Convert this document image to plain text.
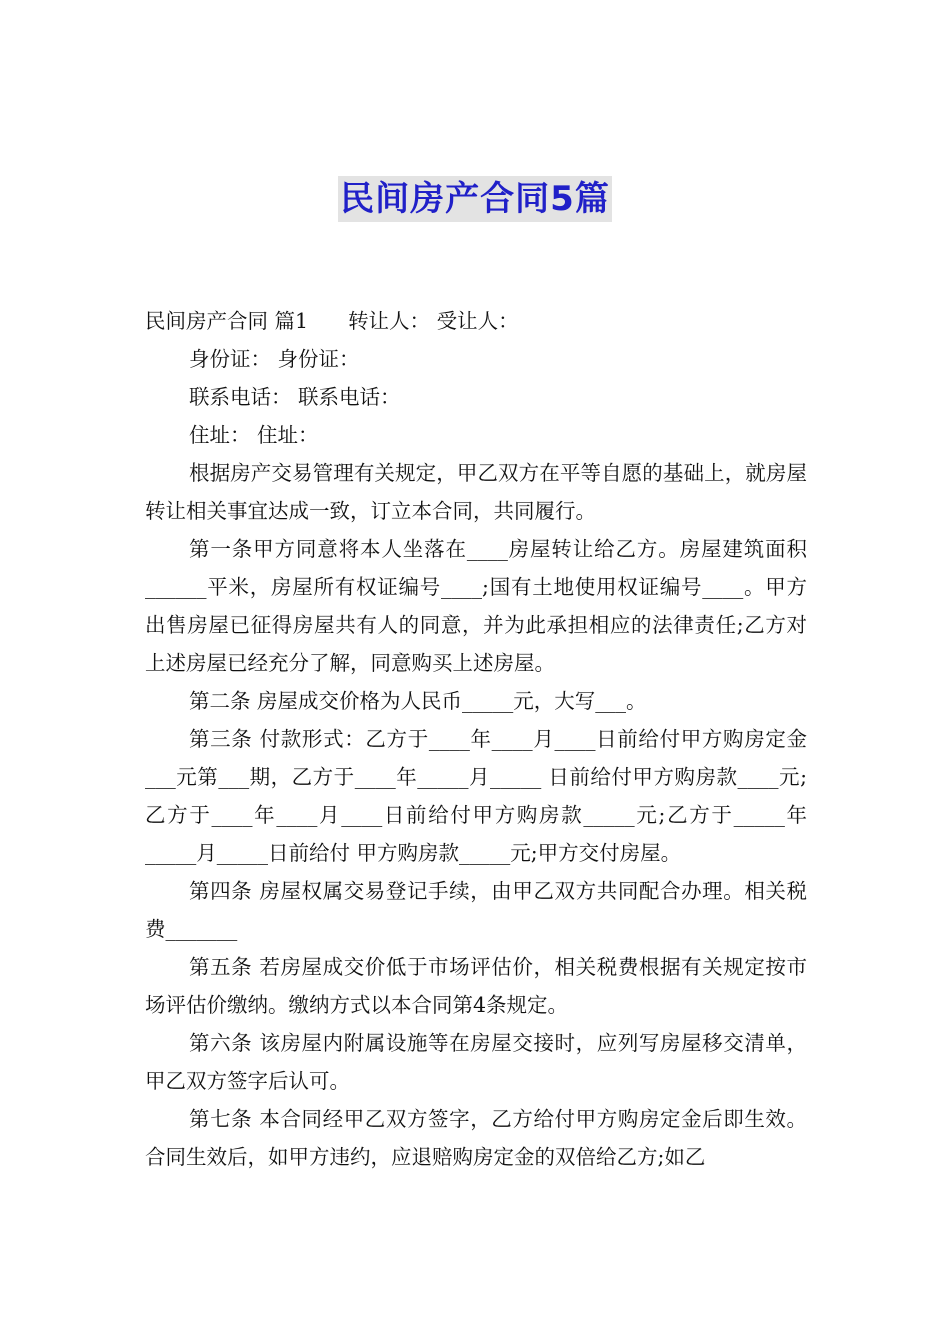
民间房产合同5篇

民间房产合同 篇1 转让人： 受让人：

身份证： 身份证：

联系电话： 联系电话：

住址： 住址：

根据房产交易管理有关规定，甲乙双方在平等自愿的基础上，就房屋转让相关事宜达成一致，订立本合同，共同履行。

第一条甲方同意将本人坐落在____房屋转让给乙方。房屋建筑面积______平米，房屋所有权证编号____;国有土地使用权证编号____。甲方出售房屋已征得房屋共有人的同意，并为此承担相应的法律责任;乙方对上述房屋已经充分了解，同意购买上述房屋。

第二条 房屋成交价格为人民币_____元，大写___。

第三条 付款形式：乙方于____年____月____日前给付甲方购房定金___元第___期，乙方于____年_____月_____ 日前给付甲方购房款____元;乙方于____年____月____日前给付甲方购房款_____元;乙方于_____年_____月_____日前给付 甲方购房款_____元;甲方交付房屋。

第四条 房屋权属交易登记手续，由甲乙双方共同配合办理。相关税费_______

第五条 若房屋成交价低于市场评估价，相关税费根据有关规定按市场评估价缴纳。缴纳方式以本合同第4条规定。

第六条 该房屋内附属设施等在房屋交接时，应列写房屋移交清单，甲乙双方签字后认可。

第七条 本合同经甲乙双方签字，乙方给付甲方购房定金后即生效。合同生效后，如甲方违约，应退赔购房定金的双倍给乙方;如乙
